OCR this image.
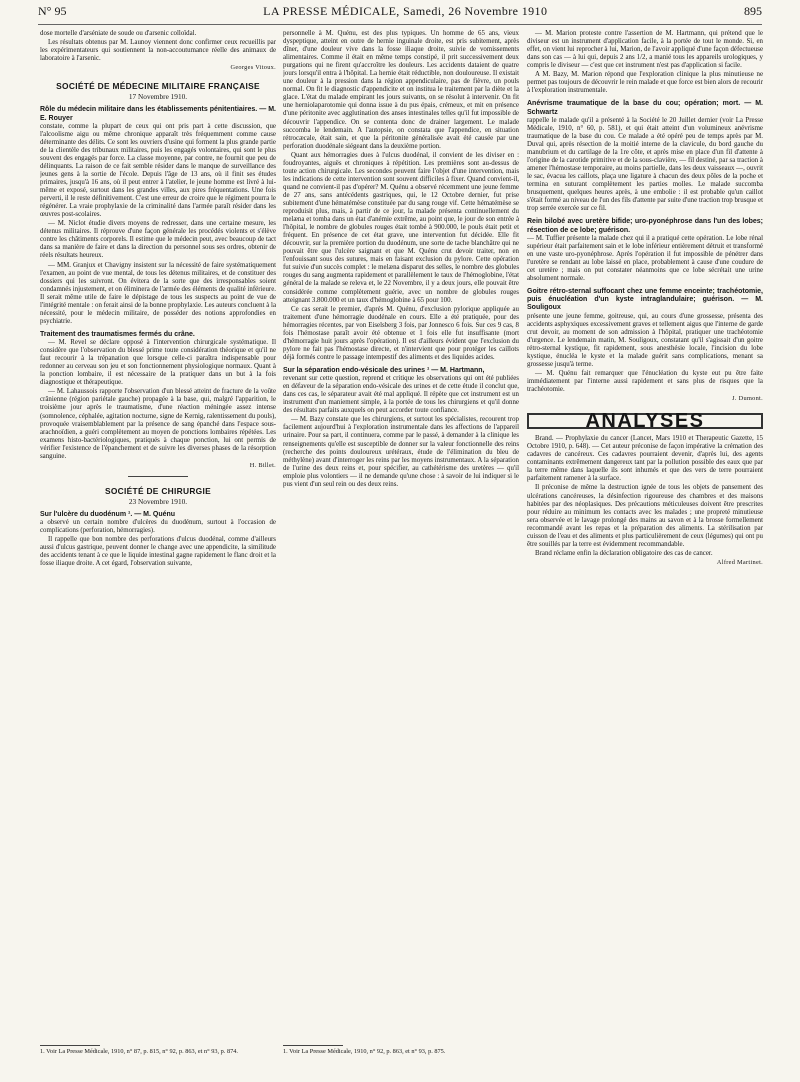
N° 95	LA PRESSE MÉDICALE, Samedi, 26 Novembre 1910	895

dose mortelle d'arséniate de soude ou d'arsenic colloïdal.

Les résultats obtenus par M. Launoy viennent donc confirmer ceux recueillis par les expérimentateurs qui soutiennent la non-accoutumance réelle des animaux de laboratoire à l'arsenic.

Georges Vitoux.

SOCIÉTÉ DE MÉDECINE MILITAIRE FRANÇAISE
17 Novembre 1910.
Rôle du médecin militaire dans les établissements pénitentiaires. — M. E. Rouyer

constate, comme la plupart de ceux qui ont pris part à cette discussion, que l'alcoolisme aigu ou même chronique apparaît très fréquemment comme cause déterminante des délits. Ce sont les ouvriers d'usine qui forment la plus grande partie de la clientèle des tribunaux militaires, puis les engagés volontaires, qui sont le plus souvent des engagés par force. La classe moyenne, par contre, ne fournit que peu de délinquants. La raison de ce fait semble résider dans le manque de surveillance des jeunes gens à la sortie de l'école. Depuis l'âge de 13 ans, où il finit ses études primaires, jusqu'à 16 ans, où il peut entrer à l'atelier, le jeune homme est livré à lui-même et exposé, surtout dans les grandes villes, aux pires fréquentations. Une fois perverti, il le reste définitivement. C'est une erreur de croire que le régiment pourra le régénérer. La vraie prophylaxie de la criminalité dans l'armée paraît résider dans les œuvres post-scolaires.

— M. Niclot étudie divers moyens de redresser, dans une certaine mesure, les détenus militaires. Il réprouve d'une façon générale les procédés violents et s'élève contre les châtiments corporels. Il estime que le médecin peut, avec beaucoup de tact dans sa manière de faire et dans la direction du personnel sous ses ordres, obtenir de réels résultats heureux.

— MM. Granjux et Chavigny insistent sur la nécessité de faire systématiquement l'examen, au point de vue mental, de tous les détenus militaires, et de constituer des dossiers qui les suivront. On évitera de la sorte que des irresponsables soient condamnés injustement, et on éliminera de l'armée des éléments de qualité inférieure. Il serait même utile de faire le dépistage de tous les suspects au point de vue de l'intégrité mentale : on ferait ainsi de la bonne prophylaxie. Les auteurs concluent à la nécessité, pour le médecin militaire, de posséder des notions approfondies en psychiatrie.

Traitement des traumatismes fermés du crâne.

— M. Revel se déclare opposé à l'intervention chirurgicale systématique. Il considère que l'observation du blessé prime toute considération théorique et qu'il ne faut recourir à la trépanation que lorsque celle-ci paraîtra indispensable pour redonner au cerveau son jeu et son fonctionnement physiologique normaux. Quant à la ponction lombaire, il est nécessaire de la pratiquer dans un but à la fois diagnostique et thérapeutique.

— M. Lahaussois rapporte l'observation d'un blessé atteint de fracture de la voûte crânienne (région pariétale gauche) propagée à la base, qui, malgré l'apparition, le troisième jour après le traumatisme, d'une réaction méningée assez intense (somnolence, céphalée, agitation nocturne, signe de Kernig, ralentissement du pouls), provoquée vraisemblablement par la présence de sang épanché dans l'espace sous-arachnoïdien, a guéri complètement au moyen de ponctions lombaires répétées. Les examens histo-bactériologiques, pratiqués à chaque ponction, lui ont permis de vérifier l'existence de l'épanchement et de suivre les diverses phases de la résorption sanguine.

H. Billet.

SOCIÉTÉ DE CHIRURGIE
23 Novembre 1910.
Sur l'ulcère du duodénum ¹. — M. Quénu

a observé un certain nombre d'ulcères du duodénum, surtout à l'occasion de complications (perforation, hémorragies).

Il rappelle que bon nombre des perforations d'ulcus duodénal, comme d'ailleurs aussi d'ulcus gastrique, peuvent donner le change avec une appendicite, la similitude des accidents tenant à ce que le liquide intestinal gagne rapidement le flanc droit et la fosse iliaque droite. A cet égard, l'observation suivante,

personnelle à M. Quénu, est des plus typiques. Un homme de 65 ans, vieux dyspeptique, atteint en outre de hernie inguinale droite, est pris subitement, après dîner, d'une douleur vive dans la fosse iliaque droite, suivie de vomissements alimentaires. Comme il était en même temps constipé, il prit successivement deux purgations qui ne firent qu'accroître les douleurs. Les accidents dataient de quatre jours lorsqu'il entra à l'hôpital. La hernie était réductible, non douloureuse. Il existait une douleur à la pression dans la région appendiculaire, pas de fièvre, un pouls normal. On fit le diagnostic d'appendicite et on institua le traitement par la diète et la glace. L'état du malade empirant les jours suivants, on se résolut à intervenir. On fit une herniolaparotomie qui donna issue à du pus épais, crémeux, et mit en présence d'une péritonite avec agglutination des anses intestinales telles qu'il fut impossible de découvrir l'appendice. On se contenta donc de drainer largement. Le malade succomba le lendemain. A l'autopsie, on constata que l'appendice, en situation rétrocæcale, était sain, et que la péritonite généralisée avait été causée par une perforation duodénale siégeant dans la deuxième portion.

Quant aux hémorragies dues à l'ulcus duodénal, il convient de les diviser en : foudroyantes, aiguës et chroniques à répétition. Les premières sont au-dessus de toute action chirurgicale. Les secondes peuvent faire l'objet d'une intervention, mais les indications de cette intervention sont souvent difficiles à fixer. Quand convient-il, quand ne convient-il pas d'opérer? M. Quénu a observé récemment une jeune femme de 27 ans, sans antécédents gastriques, qui, le 12 Octobre dernier, fut prise subitement d'une hématémèse constituée par du sang rouge vif. Cette hématémèse se reproduisit plus, mais, à partir de ce jour, la malade présenta continuellement du melæna et tomba dans un état d'anémie extrême, au point que, le jour de son entrée à l'hôpital, le nombre de globules rouges était tombé à 900.000, le pouls était petit et fréquent. En présence de cet état grave, une intervention fut décidée. Elle fit découvrir, sur la première portion du duodénum, une sorte de tache blanchâtre qui ne pouvait être que l'ulcère saignant et que M. Quénu crut devoir traiter, non en l'enfouissant sous des sutures, mais en faisant exclusion du pylore. Cette opération fut suivie d'un succès complet : le melæna disparut des selles, le nombre des globules rouges du sang augmenta rapidement et parallèlement le taux de l'hémoglobine, l'état général de la malade se releva et, le 22 Novembre, il y a deux jours, elle pouvait être considérée comme complètement guérie, avec un nombre de globules rouges atteignant 3.800.000 et un taux d'hémoglobine à 65 pour 100.

Ce cas serait le premier, d'après M. Quénu, d'exclusion pylorique appliquée au traitement d'une hémorragie duodénale en cours. Elle a été pratiquée, pour des hémorragies récentes, par von Eiselsberg 3 fois, par Jonnesco 6 fois. Sur ces 9 cas, 8 fois l'hémostase paraît avoir été obtenue et 1 fois elle fut insuffisante (mort d'hémorragie huit jours après l'opération). Il est d'ailleurs évident que l'exclusion du pylore ne fait pas l'hémostase directe, et n'intervient que pour protéger les caillots déjà formés contre le passage intempestif des aliments et des liquides acides.

Sur la séparation endo-vésicale des urines ¹ — M. Hartmann,

revenant sur cette question, reprend et critique les observations qui ont été publiées en défaveur de la séparation endo-vésicale des urines et de cette étude il conclut que, dans ces cas, le séparateur avait été mal appliqué. Il répète que cet instrument est un instrument d'un maniement simple, à la portée de tous les chirurgiens et qu'il donne des résultats parfaits auxquels on peut accorder toute confiance.

— M. Bazy constate que les chirurgiens, et surtout les spécialistes, recourent trop facilement aujourd'hui à l'exploration instrumentale dans les affections de l'appareil urinaire. Pour sa part, il continuera, comme par le passé, à demander à la clinique les renseignements qu'elle est susceptible de donner sur la valeur fonctionnelle des reins (recherche des points douloureux urétéraux, étude de l'élimination du bleu de méthylène) avant d'interroger les reins par les moyens instrumentaux. A la séparation de l'urine des deux reins et, pour spécifier, au cathétérisme des uretères — qu'il emploie plus volontiers — il ne demande qu'une chose : à savoir de lui indiquer si le pus vient d'un seul rein ou des deux reins.

— M. Marion proteste contre l'assertion de M. Hartmann, qui prétend que le diviseur est un instrument d'application facile, à la portée de tout le monde. Si, en effet, on vient lui reprocher à lui, Marion, de l'avoir appliqué d'une façon défectueuse dans son cas — à lui qui, depuis 2 ans 1/2, a manié tous les appareils urologiques, y compris le diviseur — c'est que cet instrument n'est pas d'application si facile.

A M. Bazy, M. Marion répond que l'exploration clinique la plus minutieuse ne permet pas toujours de découvrir le rein malade et que force est bien alors de recourir à l'exploration instrumentale.

Anévrisme traumatique de la base du cou; opération; mort. — M. Schwartz

rappelle le malade qu'il a présenté à la Société le 20 Juillet dernier (voir La Presse Médicale, 1910, n° 60, p. 581), et qui était atteint d'un volumineux anévrisme traumatique de la base du cou. Ce malade a été opéré peu de temps après par M. Duval qui, après résection de la moitié interne de la clavicule, du bord gauche du manubrium et du cartilage de la 1re côte, et après mise en place d'un fil d'attente à l'origine de la carotide primitive et de la sous-clavière, — fil destiné, par sa traction à amener l'hémostase temporaire, au moins partielle, dans les deux vaisseaux —, ouvrit le sac, évacua les caillots, plaça une ligature à chacun des deux pôles de la poche et termina en suturant complètement les parties molles. Le malade succomba brusquement, quelques heures après, à une embolie : il est probable qu'un caillot s'était formé au niveau de l'un des fils d'attente par suite d'une traction trop brusque et trop serrée exercée sur ce fil.

Rein bilobé avec uretère bifide; uro-pyonéphrose dans l'un des lobes; résection de ce lobe; guérison.

— M. Tuffier présente la malade chez qui il a pratiqué cette opération. Le lobe rénal supérieur était parfaitement sain et le lobe inférieur entièrement détruit et transformé en une vaste uro-pyonéphrose. Après l'opération il fut impossible de pénétrer dans l'uretère se rendant au lobe laissé en place, probablement à cause d'une coudure de cet uretère ; mais on put constater néanmoins que ce lobe sécrétait une urine absolument normale.

Goitre rétro-sternal suffocant chez une femme enceinte; trachéotomie, puis énucléation d'un kyste intraglandulaire; guérison. — M. Souligoux

présente une jeune femme, goitreuse, qui, au cours d'une grossesse, présenta des accidents asphyxiques excessivement graves et tellement aigus que l'interne de garde crut devoir, au moment de son admission à l'hôpital, pratiquer une trachéotomie d'urgence. Le lendemain matin, M. Souligoux, constatant qu'il s'agissait d'un goitre rétro-sternal kystique, fit rapidement, sous anesthésie locale, l'incision du lobe kystique, énucléa le kyste et la malade guérit sans complications, menant sa grossesse jusqu'à terme.

— M. Quénu fait remarquer que l'énucléation du kyste eut pu être faite immédiatement par l'interne aussi rapidement et sans plus de risques que la trachéotomie.

J. Dumont.

ANALYSES

Brand. — Prophylaxie du cancer (Lancet, Mars 1910 et Therapeutic Gazette, 15 Octobre 1910, p. 648). — Cet auteur préconise de façon impérative la crémation des cadavres de cancéreux. Ces cadavres pourraient devenir, d'après lui, des agents contaminants extrêmement dangereux tant par la pollution possible des eaux que par la terre même dans laquelle ils sont inhumés et que des vers de terre pourraient parfaitement ramener à la surface.

Il préconise de même la destruction ignée de tous les objets de pansement des ulcérations cancéreuses, la désinfection rigoureuse des chambres et des maisons habitées par des néoplasiques. Des précautions méticuleuses doivent être prescrites pour réduire au minimum les contacts avec les malades ; une propreté minutieuse sera observée et le lavage prolongé des mains au savon et à la brosse formellement recommandé avant les repas et la préparation des aliments. La stérilisation par cuisson de l'eau et des aliments et plus particulièrement de ceux (légumes) qui ont pu être souillés par la terre est évidemment recommandable.

Brand réclame enfin la déclaration obligatoire des cas de cancer.

Alfred Martinet.

1. Voir La Presse Médicale, 1910, n° 87, p. 815, n° 92, p. 863, et n° 93, p. 874.	1. Voir La Presse Médicale, 1910, n° 92, p. 863, et n° 93, p. 875.
